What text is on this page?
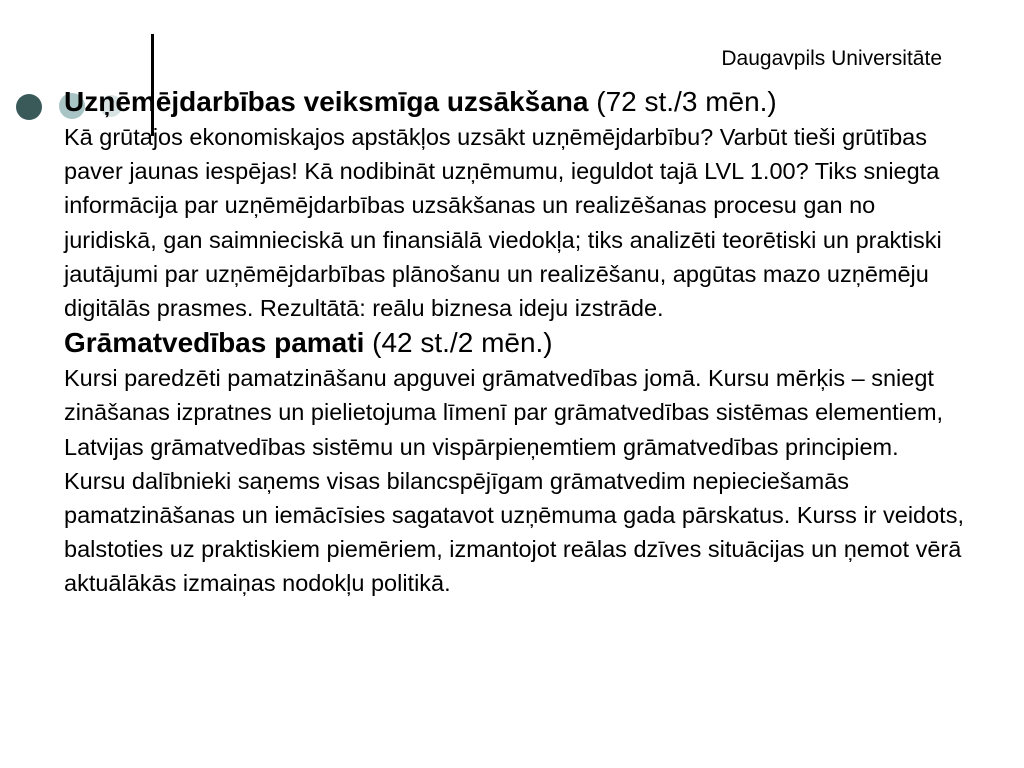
Daugavpils Universitāte
Uzņēmējdarbības veiksmīga uzsākšana (72 st./3 mēn.)

Kā grūtajos ekonomiskajos apstākļos uzsākt uzņēmējdarbību? Varbūt tieši grūtības paver jaunas iespējas! Kā nodibināt uzņēmumu, ieguldot tajā LVL 1.00? Tiks sniegta informācija par uzņēmējdarbības uzsākšanas un realizēšanas procesu gan no juridiskā, gan saimnieciskā un finansiālā viedokļa; tiks analizēti teorētiski un praktiski jautājumi par uzņēmējdarbības plānošanu un realizēšanu, apgūtas mazo uzņēmēju digitālās prasmes. Rezultātā: reālu biznesa ideju izstrāde.

Grāmatvedības pamati (42 st./2 mēn.)

Kursi paredzēti pamatzināšanu apguvei grāmatvedības jomā. Kursu mērķis – sniegt zināšanas izpratnes un pielietojuma līmenī par grāmatvedības sistēmas elementiem, Latvijas grāmatvedības sistēmu un vispārpieņemtiem grāmatvedības principiem. Kursu dalībnieki saņems visas bilancspējīgam grāmatvedim nepieciešamās pamatzināšanas un iemācīsies sagatavot uzņēmuma gada pārskatus. Kurss ir veidots, balstoties uz praktiskiem piemēriem, izmantojot reālas dzīves situācijas un ņemot vērā aktuālākās izmaiņas nodokļu politikā.
